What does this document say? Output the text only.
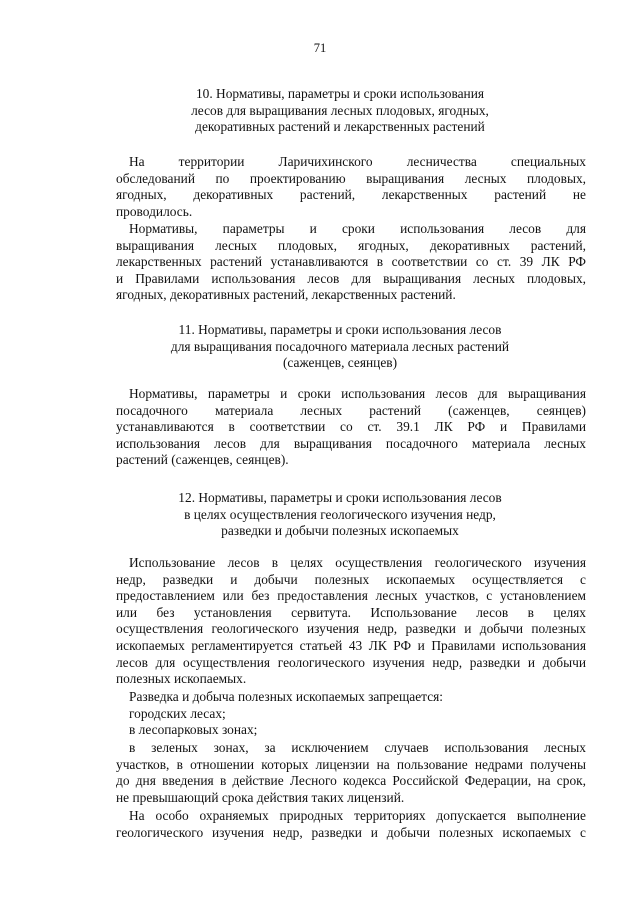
71
10. Нормативы, параметры и сроки использования
лесов для выращивания лесных плодовых, ягодных,
декоративных растений и лекарственных растений
На территории Ларичихинского лесничества специальных
обследований по проектированию выращивания лесных плодовых,
ягодных, декоративных растений, лекарственных растений не
проводилось.
Нормативы, параметры и сроки использования лесов для
выращивания лесных плодовых, ягодных, декоративных растений,
лекарственных растений устанавливаются в соответствии со ст. 39 ЛК РФ
и Правилами использования лесов для выращивания лесных плодовых,
ягодных, декоративных растений, лекарственных растений.
11. Нормативы, параметры и сроки использования лесов
для выращивания посадочного материала лесных растений
(саженцев, сеянцев)
Нормативы, параметры и сроки использования лесов для выращивания
посадочного материала лесных растений (саженцев, сеянцев)
устанавливаются в соответствии со ст. 39.1 ЛК РФ и Правилами
использования лесов для выращивания посадочного материала лесных
растений (саженцев, сеянцев).
12. Нормативы, параметры и сроки использования лесов
в целях осуществления геологического изучения недр,
разведки и добычи полезных ископаемых
Использование лесов в целях осуществления геологического изучения
недр, разведки и добычи полезных ископаемых осуществляется с
предоставлением или без предоставления лесных участков, с установлением
или без установления сервитута. Использование лесов в целях
осуществления геологического изучения недр, разведки и добычи полезных
ископаемых регламентируется статьей 43 ЛК РФ и Правилами использования
лесов для осуществления геологического изучения недр, разведки и добычи
полезных ископаемых.
Разведка и добыча полезных ископаемых запрещается:
городских лесах;
в лесопарковых зонах;
в зеленых зонах, за исключением случаев использования лесных
участков, в отношении которых лицензии на пользование недрами получены
до дня введения в действие Лесного кодекса Российской Федерации, на срок,
не превышающий срока действия таких лицензий.
На особо охраняемых природных территориях допускается выполнение
геологического изучения недр, разведки и добычи полезных ископаемых с
